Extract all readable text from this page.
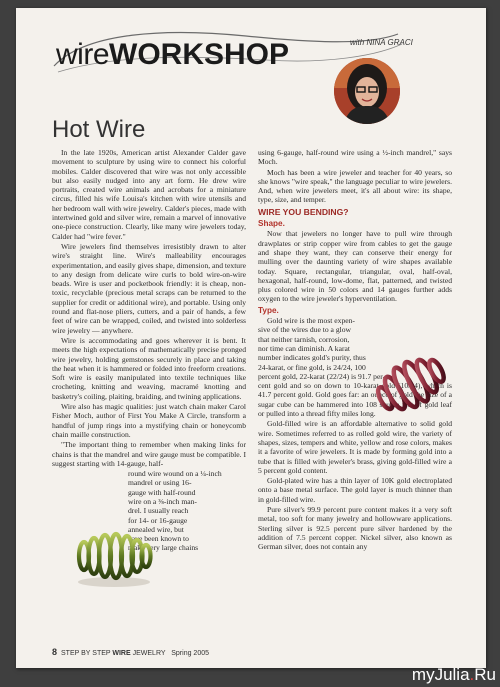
wireWORKSHOP	with NINA GRACI
Hot Wire

In the late 1920s, American artist Alexander Calder gave movement to sculpture by using wire to connect his colorful mobiles. Calder discovered that wire was not only accessible but also easily nudged into any art form. He drew wire portraits, created wire animals and acrobats for a miniature circus, filled his wife Louisa's kitchen with wire utensils and her bedroom wall with wire jewelry. Calder's pieces, made with intertwined gold and silver wire, remain a marvel of innovative one-piece construction. Clearly, like many wire jewelers today, Calder had "wire fever."

Wire jewelers find themselves irresistibly drawn to alter wire's straight line. Wire's malleability encourages experimentation, and easily gives shape, dimension, and texture to any design from delicate wire curls to bold wire-on-wire beads. Wire is user and pocketbook friendly: it is cheap, non-toxic, recyclable (precious metal scraps can be returned to the supplier for credit or additional wire), and portable. Using only round and flat-nose pliers, cutters, and a pair of hands, a few feet of wire can be wrapped, coiled, and twisted into solderless wire jewelry — anywhere.

Wire is accommodating and goes wherever it is bent. It meets the high expectations of mathematically precise pronged wire jewelry, holding gemstones securely in place and taking the heat when it is hammered or folded into freeform creations. Soft wire is easily manipulated into textile techniques like crocheting, knitting and weaving, macramé knotting and basketry's coiling, plaiting, braiding, and twining applications.

Wire also has magic qualities: just watch chain maker Carol Fisher Moch, author of First You Make A Circle, transform a handful of jump rings into a mystifying chain or honeycomb chain maille construction.

"The important thing to remember when making links for chains is that the mandrel and wire gauge must be compatible. I suggest starting with 14-gauge, half-

round wire wound on a ¼-inch
mandrel or using 16-
gauge with half-round
wire on a ⅜-inch man-
drel. I usually reach
for 14- or 16-gauge
annealed wire, but
have been known to
make very large chains

using 6-gauge, half-round wire using a ½-inch mandrel," says Moch.

Moch has been a wire jeweler and teacher for 40 years, so she knows "wire speak," the language peculiar to wire jewelers. And, when wire jewelers meet, it's all about wire: its shape, type, size, and temper.

WIRE YOU BENDING?
Shape.

Now that jewelers no longer have to pull wire through drawplates or strip copper wire from cables to get the gauge and shape they want, they can conserve their energy for mulling over the daunting variety of wire shapes available today. Square, rectangular, triangular, oval, half-oval, hexagonal, half-round, low-dome, flat, patterned, and twisted plus colored wire in 50 colors and 14 gauges further adds oxygen to the wire jeweler's hyperventilation.

Type.
Gold wire is the most expen-
sive of the wires due to a glow
that neither tarnish, corrosion,
nor time can diminish. A karat
number indicates gold's purity, thus
24-karat, or fine gold, is 24/24, 100
percent gold, 22-karat (22/24) is 91.7 per-

cent gold and so on down to 10-karat gold (10/24), which is 41.7 percent gold. Gold goes far: an ounce of gold the size of a sugar cube can be hammered into 108 square feet of gold leaf or pulled into a thread fifty miles long.

Gold-filled wire is an affordable alternative to solid gold wire. Sometimes referred to as rolled gold wire, the variety of shapes, sizes, tempers and white, yellow and rose colors, makes it a favorite of wire jewelers. It is made by forming gold into a tube that is filled with jeweler's brass, giving gold-filled wire a 5 percent gold content.

Gold-plated wire has a thin layer of 10K gold electroplated onto a base metal surface. The gold layer is much thinner than in gold-filled wire.

Pure silver's 99.9 percent pure content makes it a very soft metal, too soft for many jewelry and hollowware applications. Sterling silver is 92.5 percent pure silver hardened by the addition of 7.5 percent copper. Nickel silver, also known as German silver, does not contain any

8 STEP BY STEP WIRE JEWELRY   Spring 2005
myJulia.Ru
